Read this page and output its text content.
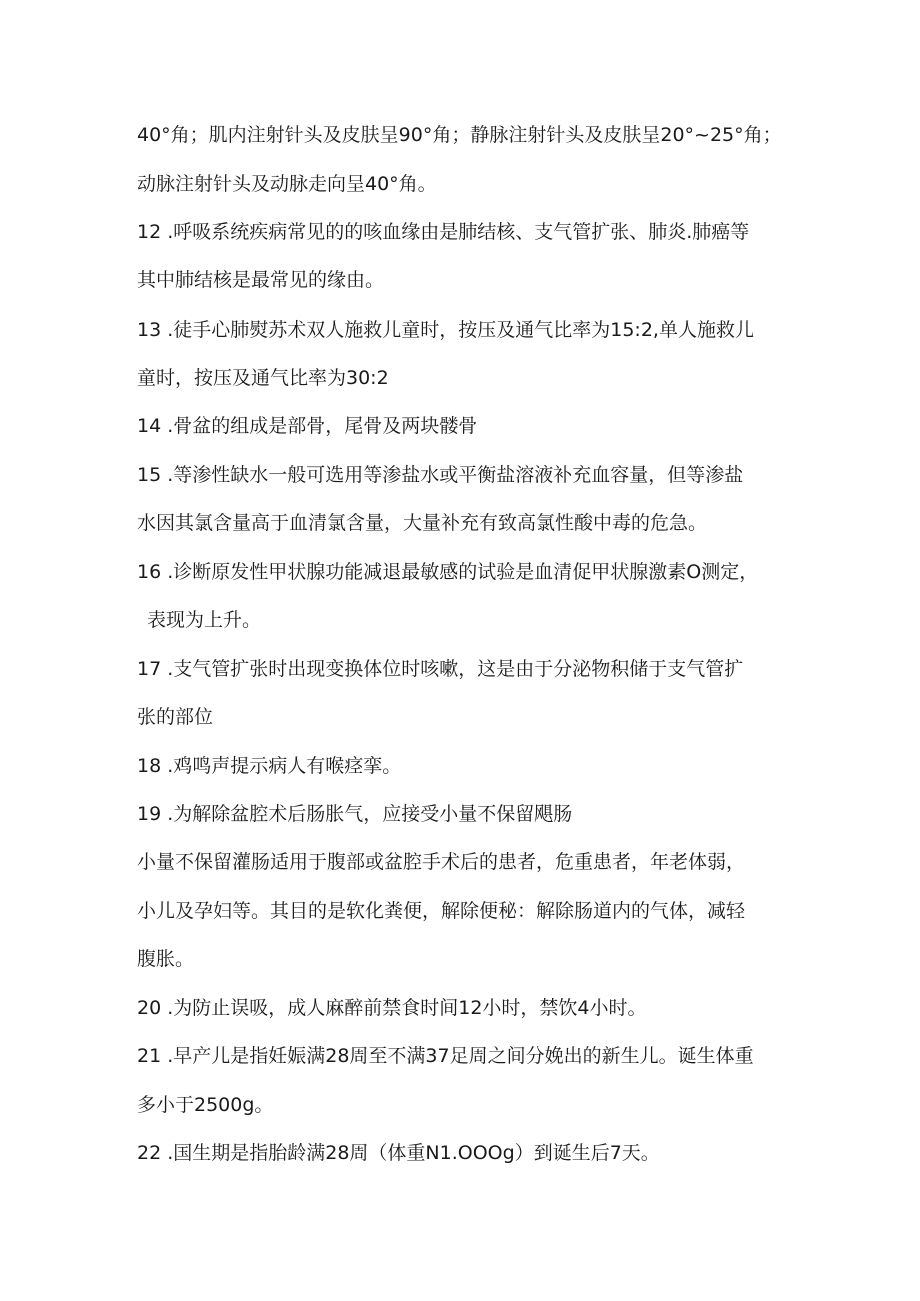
40°角；肌内注射针头及皮肤呈90°角；静脉注射针头及皮肤呈20°~25°角；
动脉注射针头及动脉走向呈40°角。
12 .呼吸系统疾病常见的的咳血缘由是肺结核、支气管扩张、肺炎.肺癌等
其中肺结核是最常见的缘由。
13 .徒手心肺熨苏术双人施救儿童时，按压及通气比率为15:2,单人施救儿
童时，按压及通气比率为30:2
14 .骨盆的组成是部骨，尾骨及两块髅骨
15 .等渗性缺水一般可选用等渗盐水或平衡盐溶液补充血容量，但等渗盐
水因其氯含量高于血清氯含量，大量补充有致高氯性酸中毒的危急。
16 .诊断原发性甲状腺功能减退最敏感的试验是血清促甲状腺激素O测定，
表现为上升。
17 .支气管扩张时出现变换体位时咳嗽，这是由于分泌物积储于支气管扩
张的部位
18 .鸡鸣声提示病人有喉痉挛。
19 .为解除盆腔术后肠胀气，应接受小量不保留飓肠
小量不保留灌肠适用于腹部或盆腔手术后的患者，危重患者，年老体弱，
小儿及孕妇等。其目的是软化粪便，解除便秘：解除肠道内的气体，减轻
腹胀。
20 .为防止误吸，成人麻醉前禁食时间12小时，禁饮4小时。
21 .早产儿是指妊娠满28周至不满37足周之间分娩出的新生儿。诞生体重
多小于2500g。
22 .国生期是指胎龄满28周（体重N1.OOOg）到诞生后7天。
